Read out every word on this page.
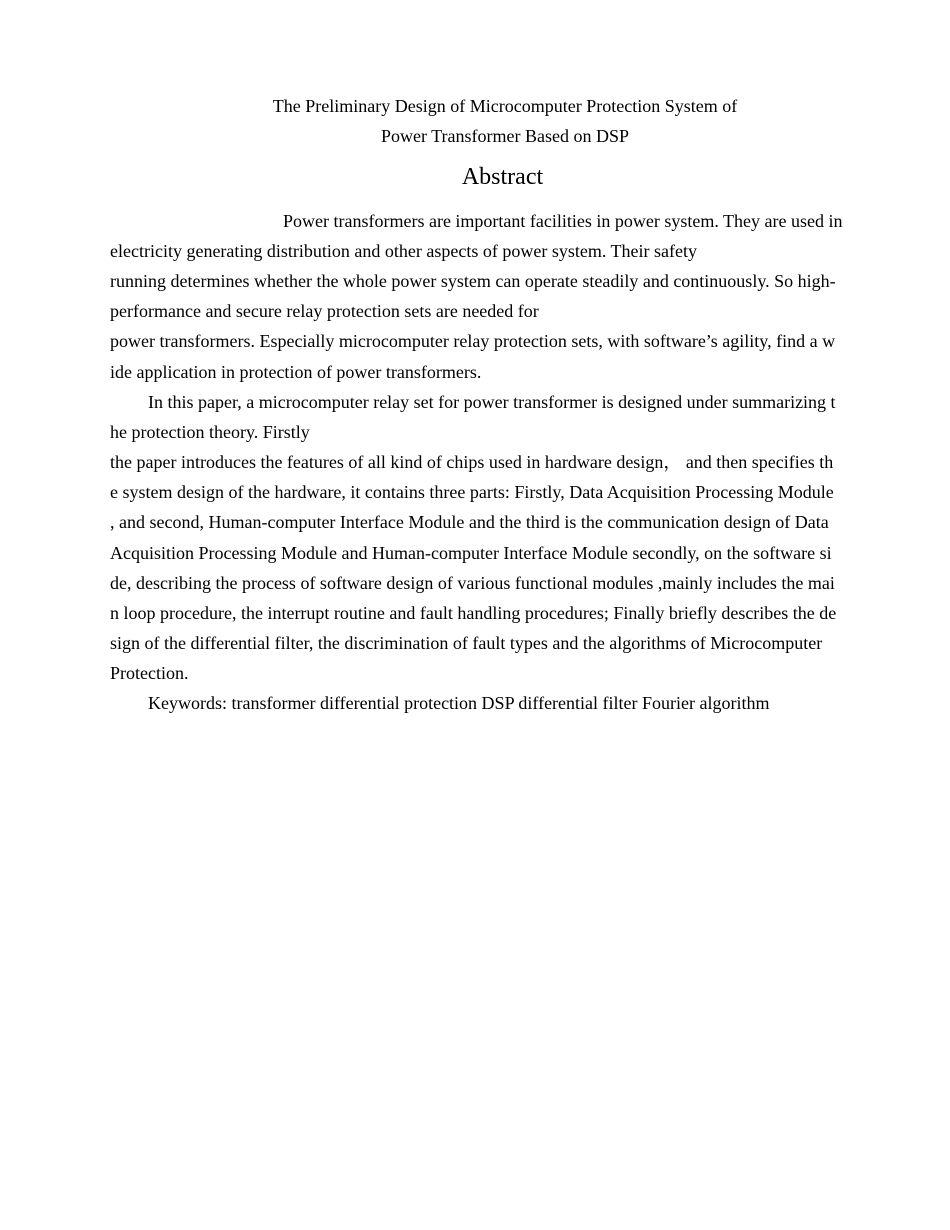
The Preliminary Design of Microcomputer Protection System of
Power Transformer Based on DSP
Abstract
Power transformers are important facilities in power system. They are used in
electricity generating distribution and other aspects of power system. Their safety
running determines whether the whole power system can operate steadily and continuously. So high-
performance and secure relay protection sets are needed for
power transformers. Especially microcomputer relay protection sets, with software’s agility, find a w
ide application in protection of power transformers.
In this paper, a microcomputer relay set for power transformer is designed under summarizing t
he protection theory. Firstly
the paper introduces the features of all kind of chips used in hardware design， and then specifies th
e system design of the hardware, it contains three parts: Firstly, Data Acquisition Processing Module
, and second, Human-computer Interface Module and the third is the communication design of Data
Acquisition Processing Module and Human-computer Interface Module secondly, on the software si
de, describing the process of software design of various functional modules ,mainly includes the mai
n loop procedure, the interrupt routine and fault handling procedures; Finally briefly describes the de
sign of the differential filter, the discrimination of fault types and the algorithms of Microcomputer
Protection.
Keywords: transformer differential protection DSP differential filter Fourier algorithm
